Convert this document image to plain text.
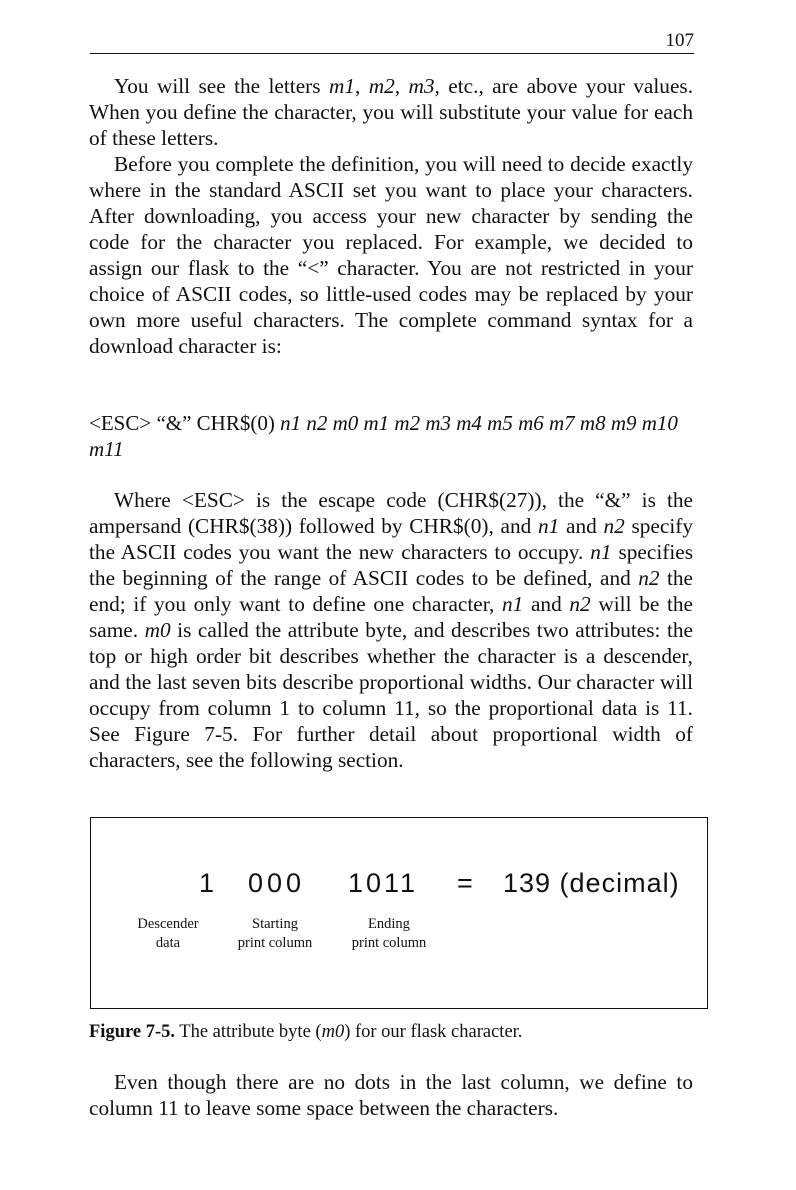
107

You will see the letters m1, m2, m3, etc., are above your values. When you define the character, you will substitute your value for each of these letters.

Before you complete the definition, you will need to decide exactly where in the standard ASCII set you want to place your characters. After downloading, you access your new character by sending the code for the character you replaced. For example, we decided to assign our flask to the “<” character. You are not restricted in your choice of ASCII codes, so little-used codes may be replaced by your own more useful characters. The complete command syntax for a download character is:

<ESC> “&” CHR$(0) n1 n2 m0 m1 m2 m3 m4 m5 m6 m7 m8 m9 m10 m11

Where <ESC> is the escape code (CHR$(27)), the “&” is the ampersand (CHR$(38)) followed by CHR$(0), and n1 and n2 specify the ASCII codes you want the new characters to occupy. n1 specifies the beginning of the range of ASCII codes to be defined, and n2 the end; if you only want to define one character, n1 and n2 will be the same. m0 is called the attribute byte, and describes two attributes: the top or high order bit describes whether the character is a descender, and the last seven bits describe proportional widths. Our character will occupy from column 1 to column 11, so the proportional data is 11. See Figure 7-5. For further detail about proportional width of characters, see the following section.

1 000 1011 = 139 (decimal)
Descender
data
Starting
print column
Ending
print column
Figure 7-5. The attribute byte (m0) for our flask character.

Even though there are no dots in the last column, we define to column 11 to leave some space between the characters.
